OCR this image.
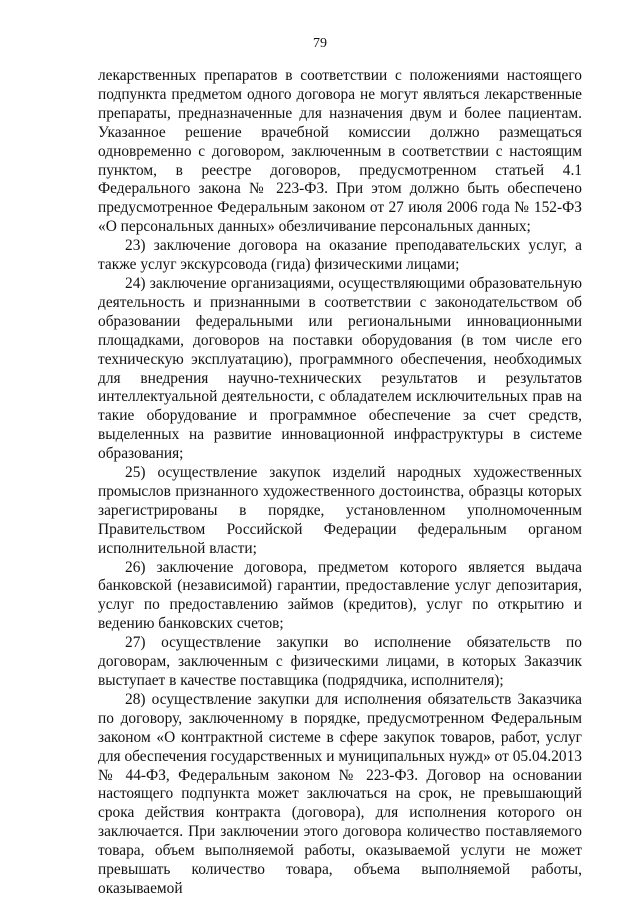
79

лекарственных препаратов в соответствии с положениями настоящего подпункта предметом одного договора не могут являться лекарственные препараты, предназначенные для назначения двум и более пациентам. Указанное решение врачебной комиссии должно размещаться одновременно с договором, заключенным в соответствии с настоящим пунктом, в реестре договоров, предусмотренном статьей 4.1 Федерального закона № 223-ФЗ. При этом должно быть обеспечено предусмотренное Федеральным законом от 27 июля 2006 года № 152-ФЗ «О персональных данных» обезличивание персональных данных;

23) заключение договора на оказание преподавательских услуг, а также услуг экскурсовода (гида) физическими лицами;

24) заключение организациями, осуществляющими образовательную деятельность и признанными в соответствии с законодательством об образовании федеральными или региональными инновационными площадками, договоров на поставки оборудования (в том числе его техническую эксплуатацию), программного обеспечения, необходимых для внедрения научно-технических результатов и результатов интеллектуальной деятельности, с обладателем исключительных прав на такие оборудование и программное обеспечение за счет средств, выделенных на развитие инновационной инфраструктуры в системе образования;

25) осуществление закупок изделий народных художественных промыслов признанного художественного достоинства, образцы которых зарегистрированы в порядке, установленном уполномоченным Правительством Российской Федерации федеральным органом исполнительной власти;

26) заключение договора, предметом которого является выдача банковской (независимой) гарантии, предоставление услуг депозитария, услуг по предоставлению займов (кредитов), услуг по открытию и ведению банковских счетов;

27) осуществление закупки во исполнение обязательств по договорам, заключенным с физическими лицами, в которых Заказчик выступает в качестве поставщика (подрядчика, исполнителя);

28) осуществление закупки для исполнения обязательств Заказчика по договору, заключенному в порядке, предусмотренном Федеральным законом «О контрактной системе в сфере закупок товаров, работ, услуг для обеспечения государственных и муниципальных нужд» от 05.04.2013 № 44-ФЗ, Федеральным законом № 223-ФЗ. Договор на основании настоящего подпункта может заключаться на срок, не превышающий срока действия контракта (договора), для исполнения которого он заключается. При заключении этого договора количество поставляемого товара, объем выполняемой работы, оказываемой услуги не может превышать количество товара, объема выполняемой работы, оказываемой
